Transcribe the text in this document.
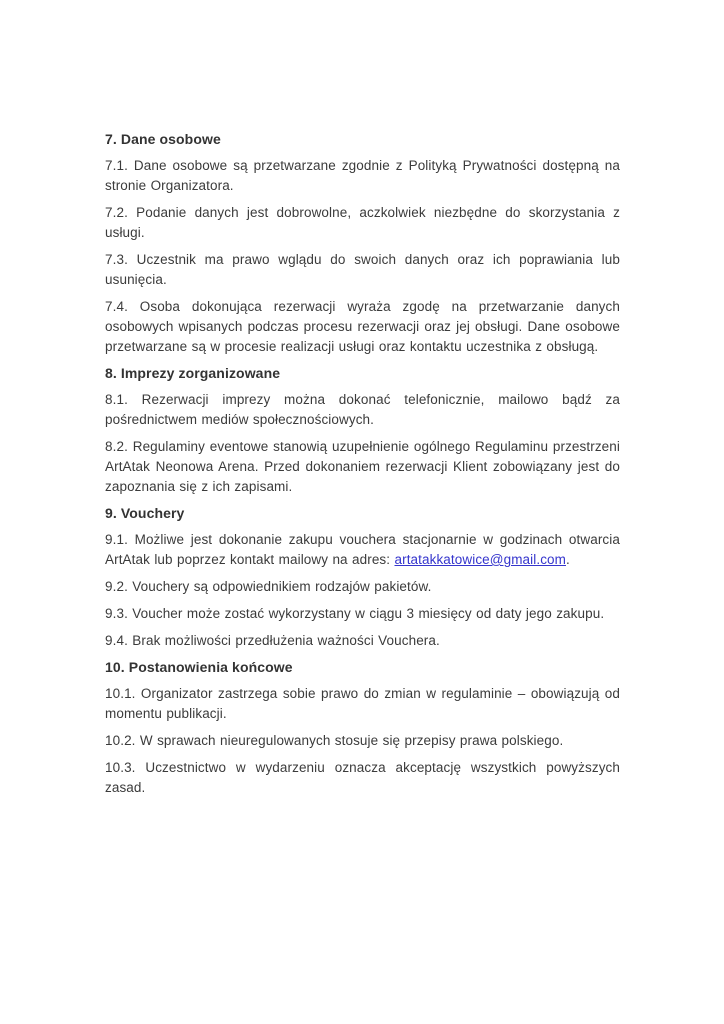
7. Dane osobowe

7.1. Dane osobowe są przetwarzane zgodnie z Polityką Prywatności dostępną na stronie Organizatora.

7.2. Podanie danych jest dobrowolne, aczkolwiek niezbędne do skorzystania z usługi.

7.3. Uczestnik ma prawo wglądu do swoich danych oraz ich poprawiania lub usunięcia.

7.4. Osoba dokonująca rezerwacji wyraża zgodę na przetwarzanie danych osobowych wpisanych podczas procesu rezerwacji oraz jej obsługi. Dane osobowe przetwarzane są w procesie realizacji usługi oraz kontaktu uczestnika z obsługą.

8. Imprezy zorganizowane

8.1. Rezerwacji imprezy można dokonać telefonicznie, mailowo bądź za pośrednictwem mediów społecznościowych.

8.2. Regulaminy eventowe stanowią uzupełnienie ogólnego Regulaminu przestrzeni ArtAtak Neonowa Arena. Przed dokonaniem rezerwacji Klient zobowiązany jest do zapoznania się z ich zapisami.

9. Vouchery

9.1. Możliwe jest dokonanie zakupu vouchera stacjonarnie w godzinach otwarcia ArtAtak lub poprzez kontakt mailowy na adres: artatakkatowice@gmail.com.

9.2. Vouchery są odpowiednikiem rodzajów pakietów.

9.3. Voucher może zostać wykorzystany w ciągu 3 miesięcy od daty jego zakupu.

9.4. Brak możliwości przedłużenia ważności Vouchera.

10. Postanowienia końcowe

10.1. Organizator zastrzega sobie prawo do zmian w regulaminie – obowiązują od momentu publikacji.

10.2. W sprawach nieuregulowanych stosuje się przepisy prawa polskiego.

10.3. Uczestnictwo w wydarzeniu oznacza akceptację wszystkich powyższych zasad.
